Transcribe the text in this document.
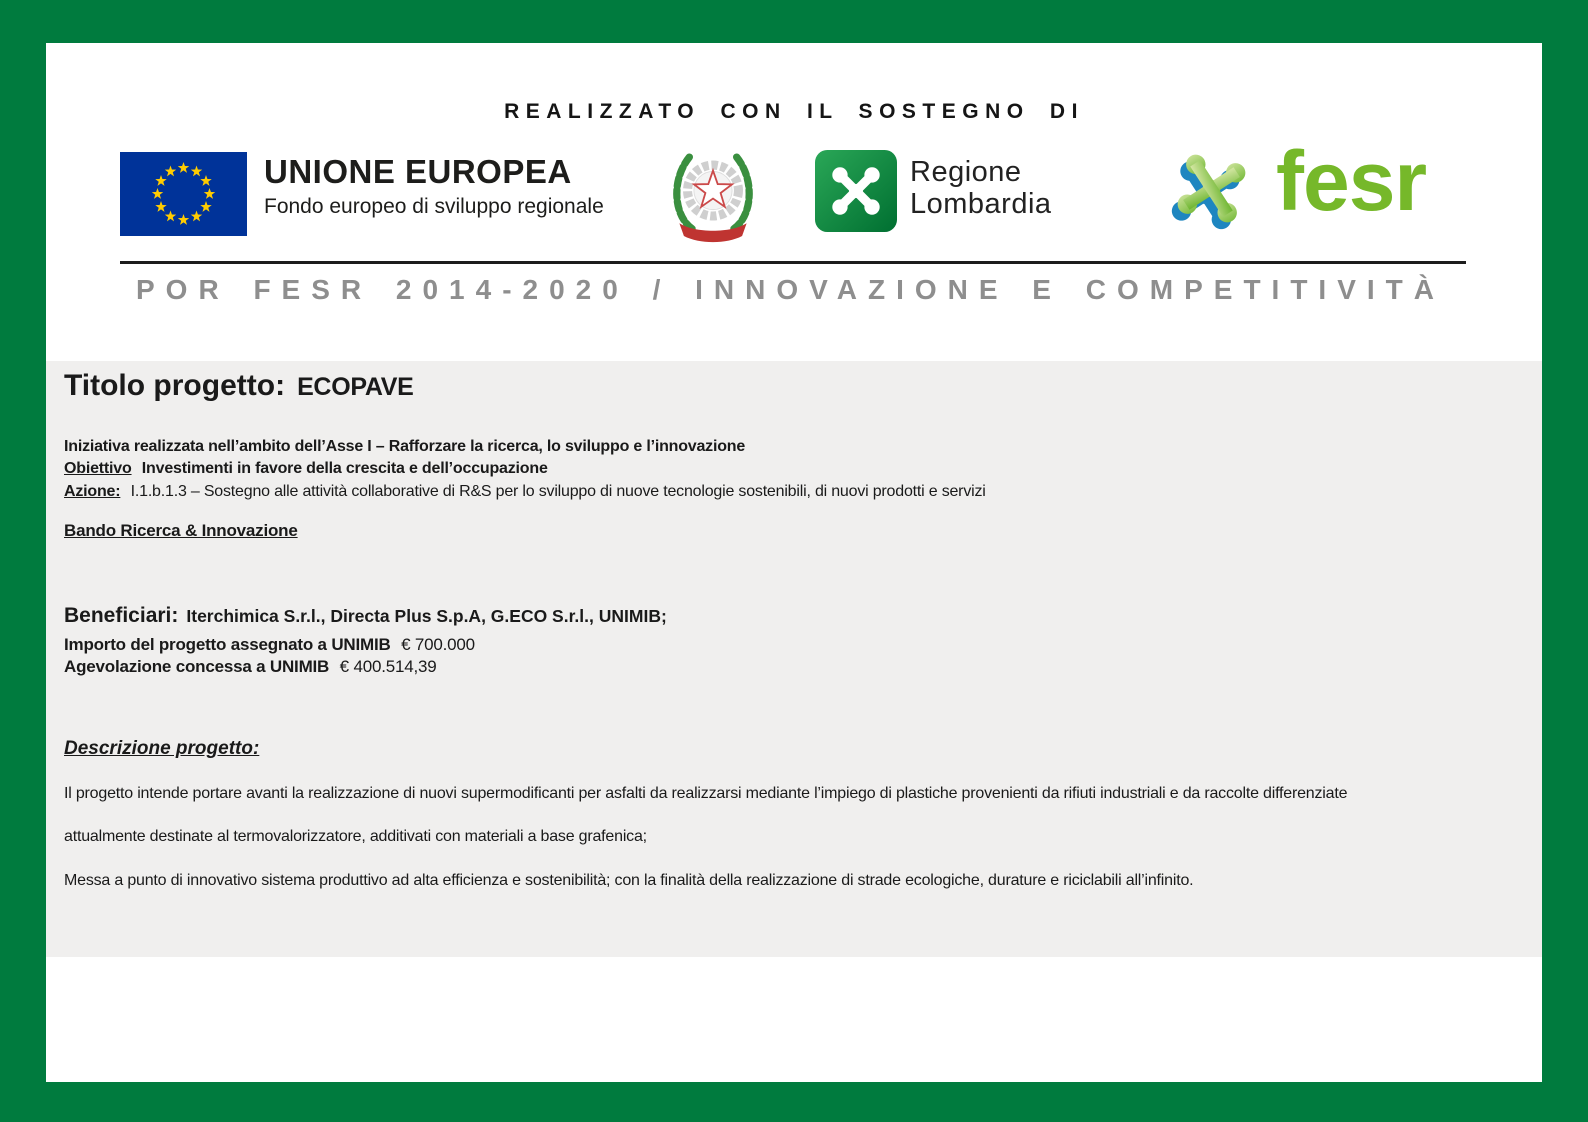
REALIZZATO CON IL SOSTEGNO DI
UNIONE EUROPEA
Fondo europeo di sviluppo regionale
Regione
Lombardia	fesr
POR FESR 2014-2020 / INNOVAZIONE E COMPETITIVITÀ
Titolo progetto: ECOPAVE
Iniziativa realizzata nell’ambito dell’Asse I – Rafforzare la ricerca, lo sviluppo e l’innovazione
Obiettivo Investimenti in favore della crescita e dell’occupazione
Azione: I.1.b.1.3 – Sostegno alle attività collaborative di R&S per lo sviluppo di nuove tecnologie sostenibili, di nuovi prodotti e servizi
Bando Ricerca & Innovazione
Beneficiari: Iterchimica S.r.l., Directa Plus S.p.A, G.ECO S.r.l., UNIMIB;
Importo del progetto assegnato a UNIMIB € 700.000
Agevolazione concessa a UNIMIB € 400.514,39
Descrizione progetto:
Il progetto intende portare avanti la realizzazione di nuovi supermodificanti per asfalti da realizzarsi mediante l’impiego di plastiche provenienti da rifiuti industriali e da raccolte differenziate
attualmente destinate al termovalorizzatore, additivati con materiali a base grafenica;
Messa a punto di innovativo sistema produttivo ad alta efficienza e sostenibilità; con la finalità della realizzazione di strade ecologiche, durature e riciclabili all’infinito.
